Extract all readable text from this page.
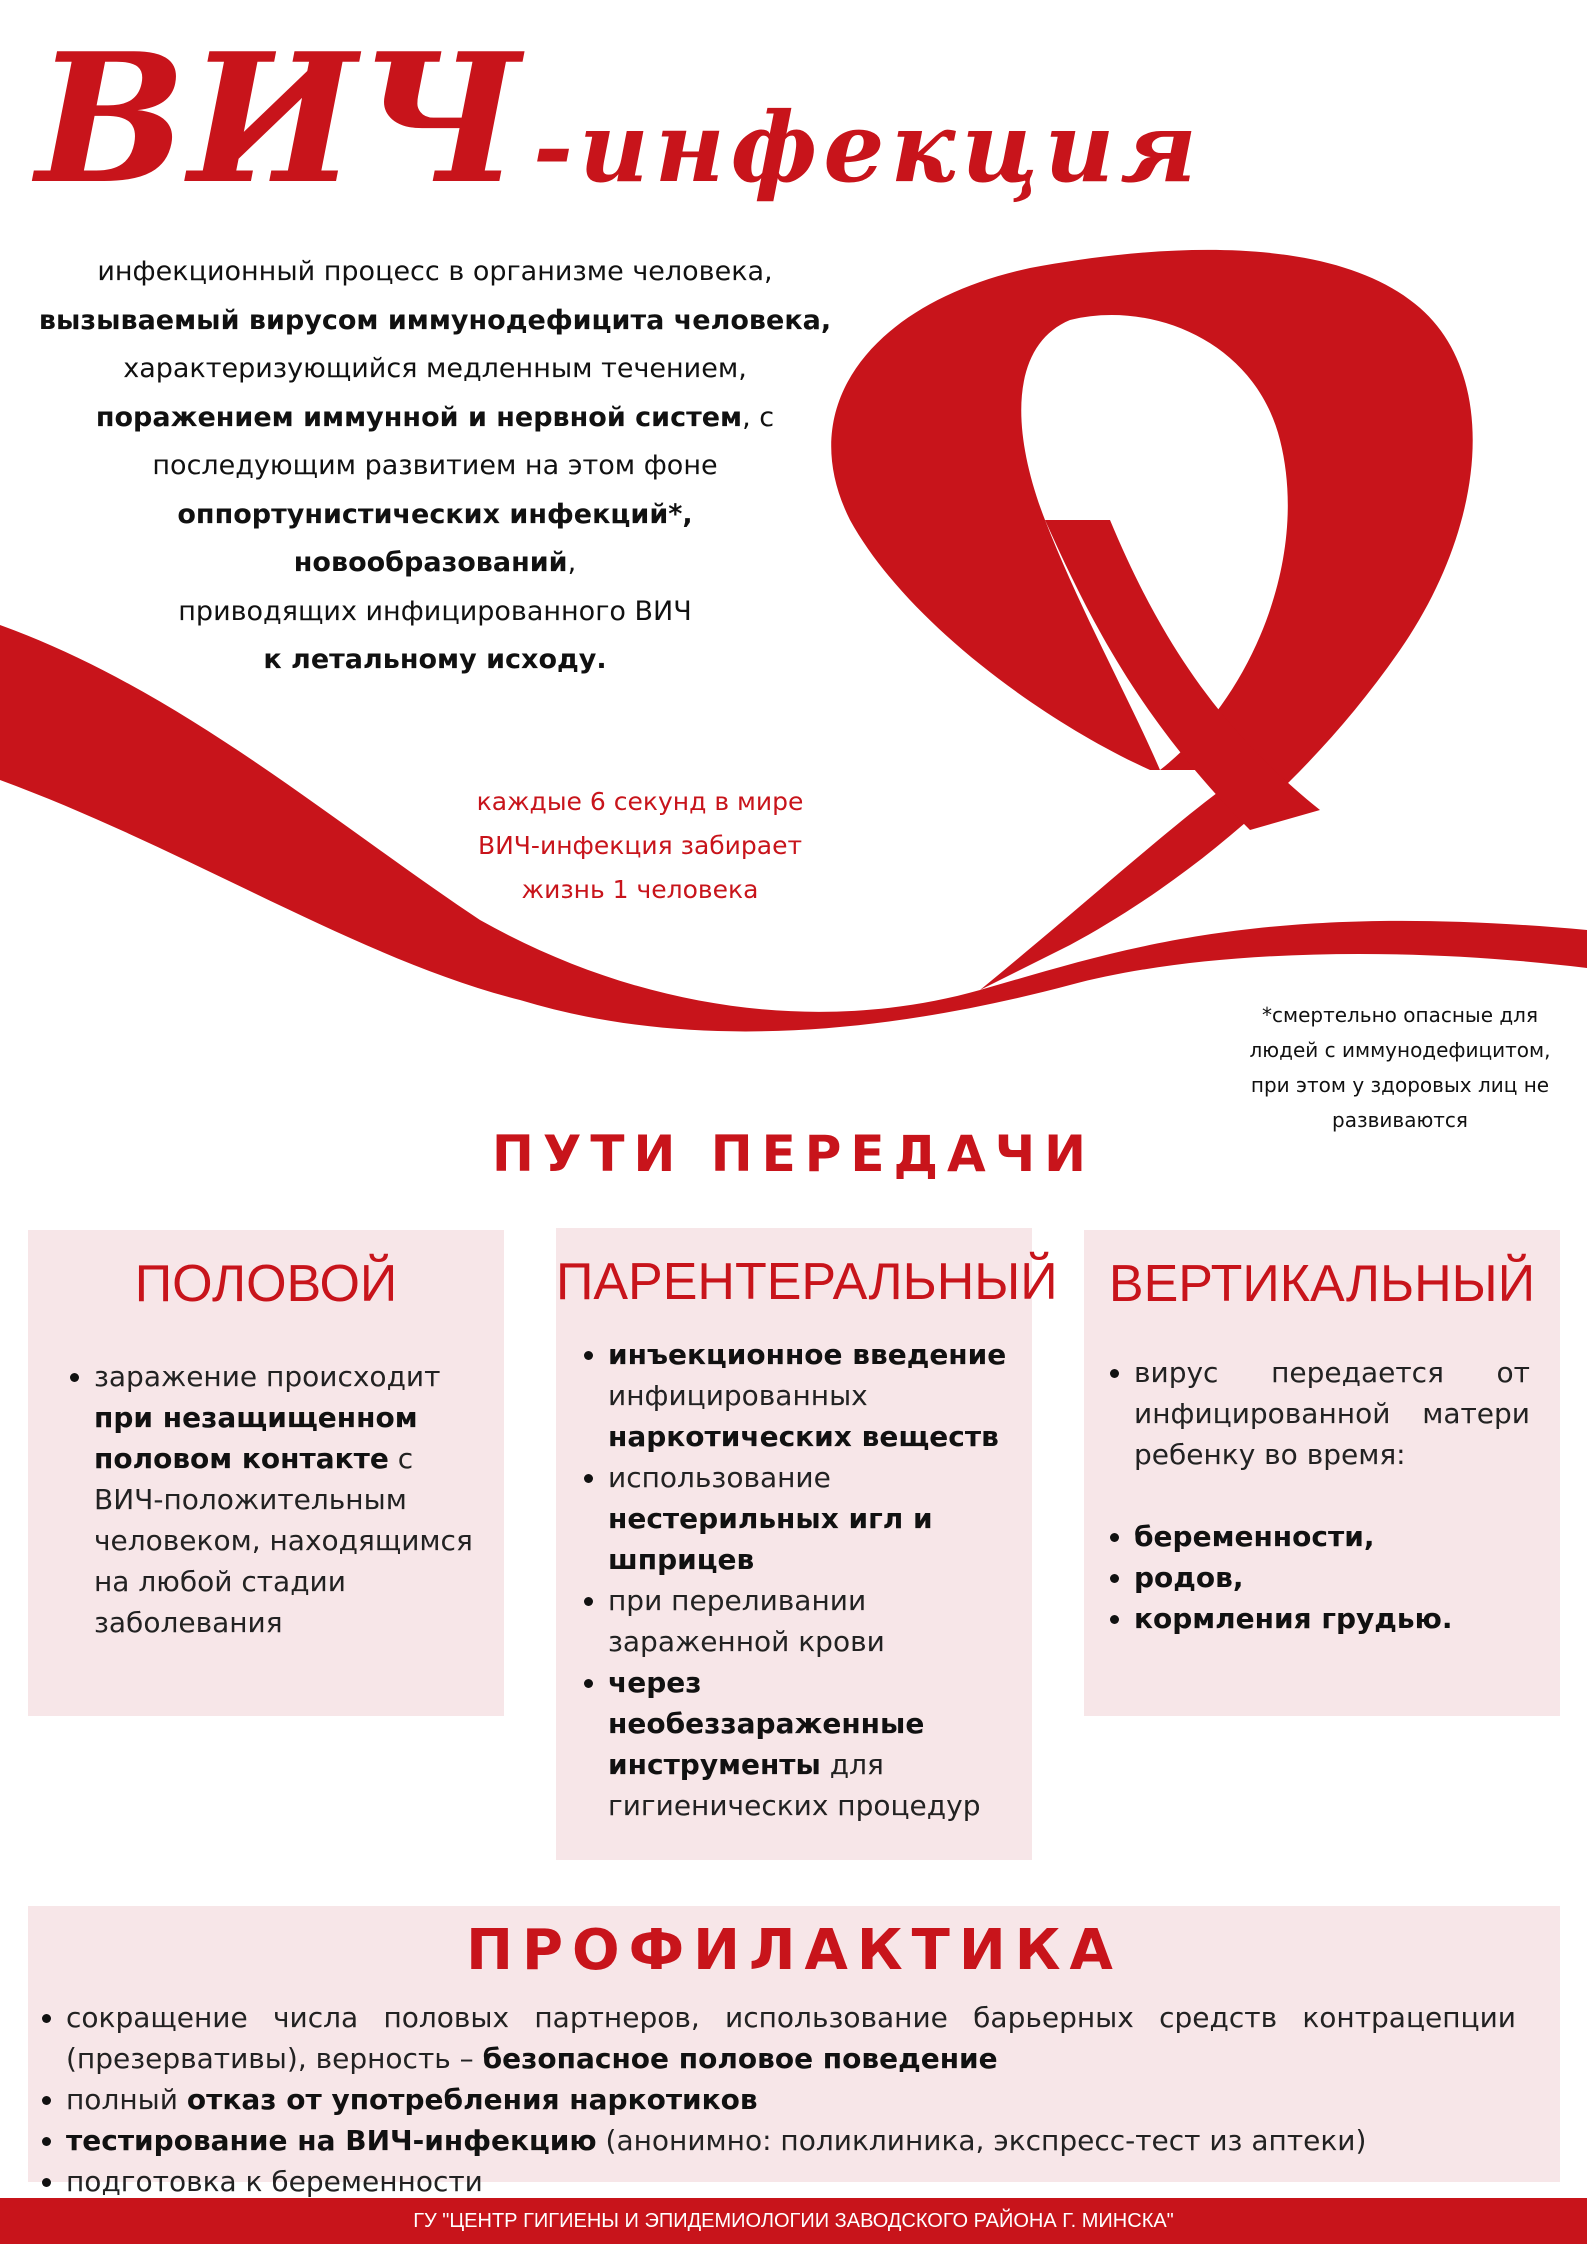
ВИЧ -инфекция
инфекционный процесс в организме человека,
вызываемый вирусом иммунодефицита человека,
характеризующийся медленным течением,
поражением иммунной и нервной систем, с
последующим развитием на этом фоне
оппортунистических инфекций*,
новообразований,
приводящих инфицированного ВИЧ
к летальному исходу.
каждые 6 секунд в мире
ВИЧ-инфекция забирает
жизнь 1 человека
*смертельно опасные для
людей с иммунодефицитом,
при этом у здоровых лиц не
развиваются
ПУТИ ПЕРЕДАЧИ
ПОЛОВОЙ
заражение происходит при незащищенном половом контакте с ВИЧ-положительным человеком, находящимся на любой стадии заболевания
ПАРЕНТЕРАЛЬНЫЙ
инъекционное введение инфицированных наркотических веществ
использование нестерильных игл и шприцев
при переливании зараженной крови
через необеззараженные инструменты для гигиенических процедур
ВЕРТИКАЛЬНЫЙ
вирус передается от
инфицированной матери
ребенку во время:
беременности,
родов,
кормления грудью.
ПРОФИЛАКТИКА
сокращение числа половых партнеров, использование барьерных средств контрацепции (презервативы), верность – безопасное половое поведение
полный отказ от употребления наркотиков
тестирование на ВИЧ-инфекцию (анонимно: поликлиника, экспресс-тест из аптеки)
подготовка к беременности
ГУ "ЦЕНТР ГИГИЕНЫ И ЭПИДЕМИОЛОГИИ ЗАВОДСКОГО РАЙОНА Г. МИНСКА"
